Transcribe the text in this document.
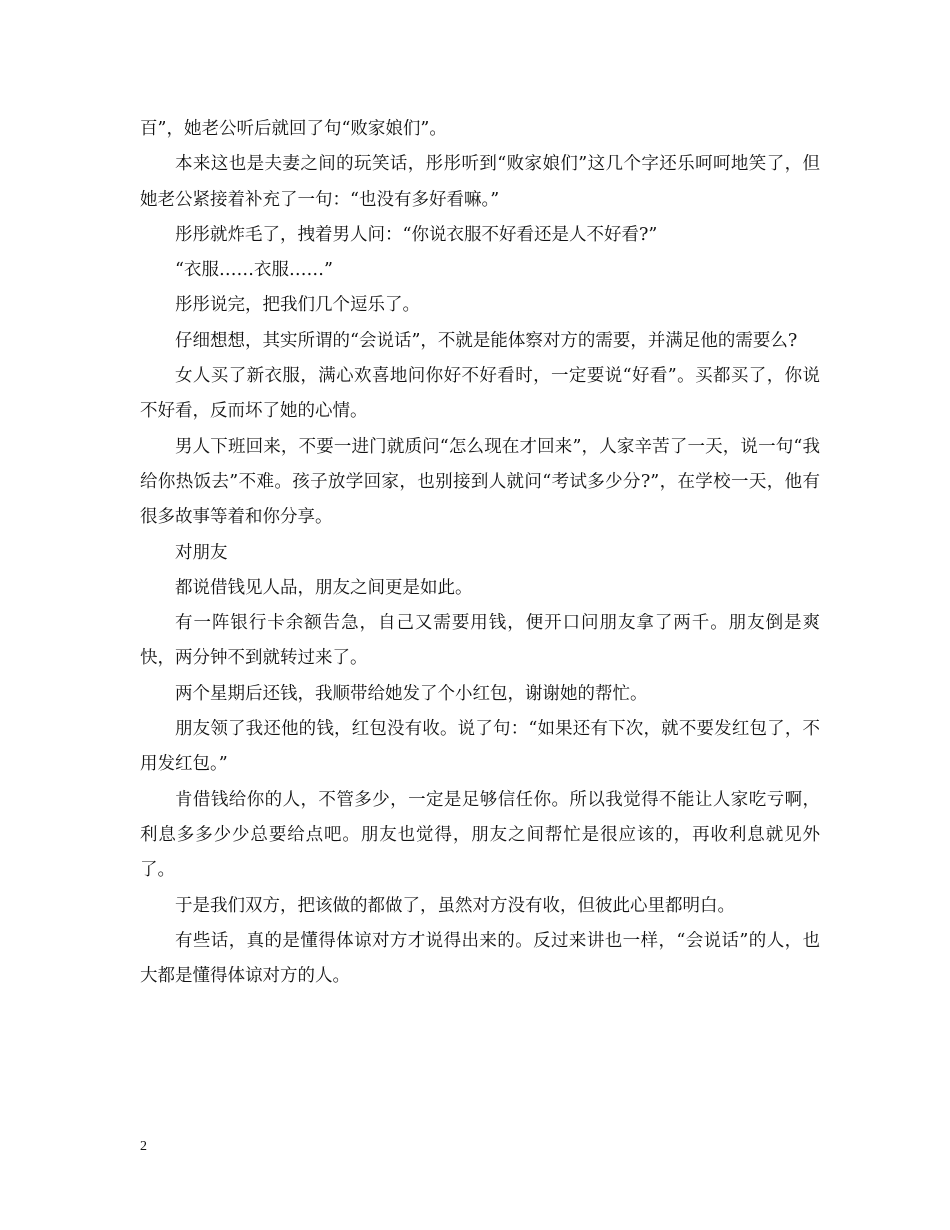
百”，她老公听后就回了句“败家娘们”。

本来这也是夫妻之间的玩笑话，彤彤听到“败家娘们”这几个字还乐呵呵地笑了，但她老公紧接着补充了一句：“也没有多好看嘛。”

彤彤就炸毛了，拽着男人问：“你说衣服不好看还是人不好看?”

“衣服……衣服……”

彤彤说完，把我们几个逗乐了。

仔细想想，其实所谓的“会说话”，不就是能体察对方的需要，并满足他的需要么?

女人买了新衣服，满心欢喜地问你好不好看时，一定要说“好看”。买都买了，你说不好看，反而坏了她的心情。

男人下班回来，不要一进门就质问“怎么现在才回来”，人家辛苦了一天，说一句“我给你热饭去”不难。孩子放学回家，也别接到人就问“考试多少分?”，在学校一天，他有很多故事等着和你分享。

对朋友

都说借钱见人品，朋友之间更是如此。

有一阵银行卡余额告急，自己又需要用钱，便开口问朋友拿了两千。朋友倒是爽快，两分钟不到就转过来了。

两个星期后还钱，我顺带给她发了个小红包，谢谢她的帮忙。

朋友领了我还他的钱，红包没有收。说了句：“如果还有下次，就不要发红包了，不用发红包。”

肯借钱给你的人，不管多少，一定是足够信任你。所以我觉得不能让人家吃亏啊，利息多多少少总要给点吧。朋友也觉得，朋友之间帮忙是很应该的，再收利息就见外了。

于是我们双方，把该做的都做了，虽然对方没有收，但彼此心里都明白。

有些话，真的是懂得体谅对方才说得出来的。反过来讲也一样，“会说话”的人，也大都是懂得体谅对方的人。

2
